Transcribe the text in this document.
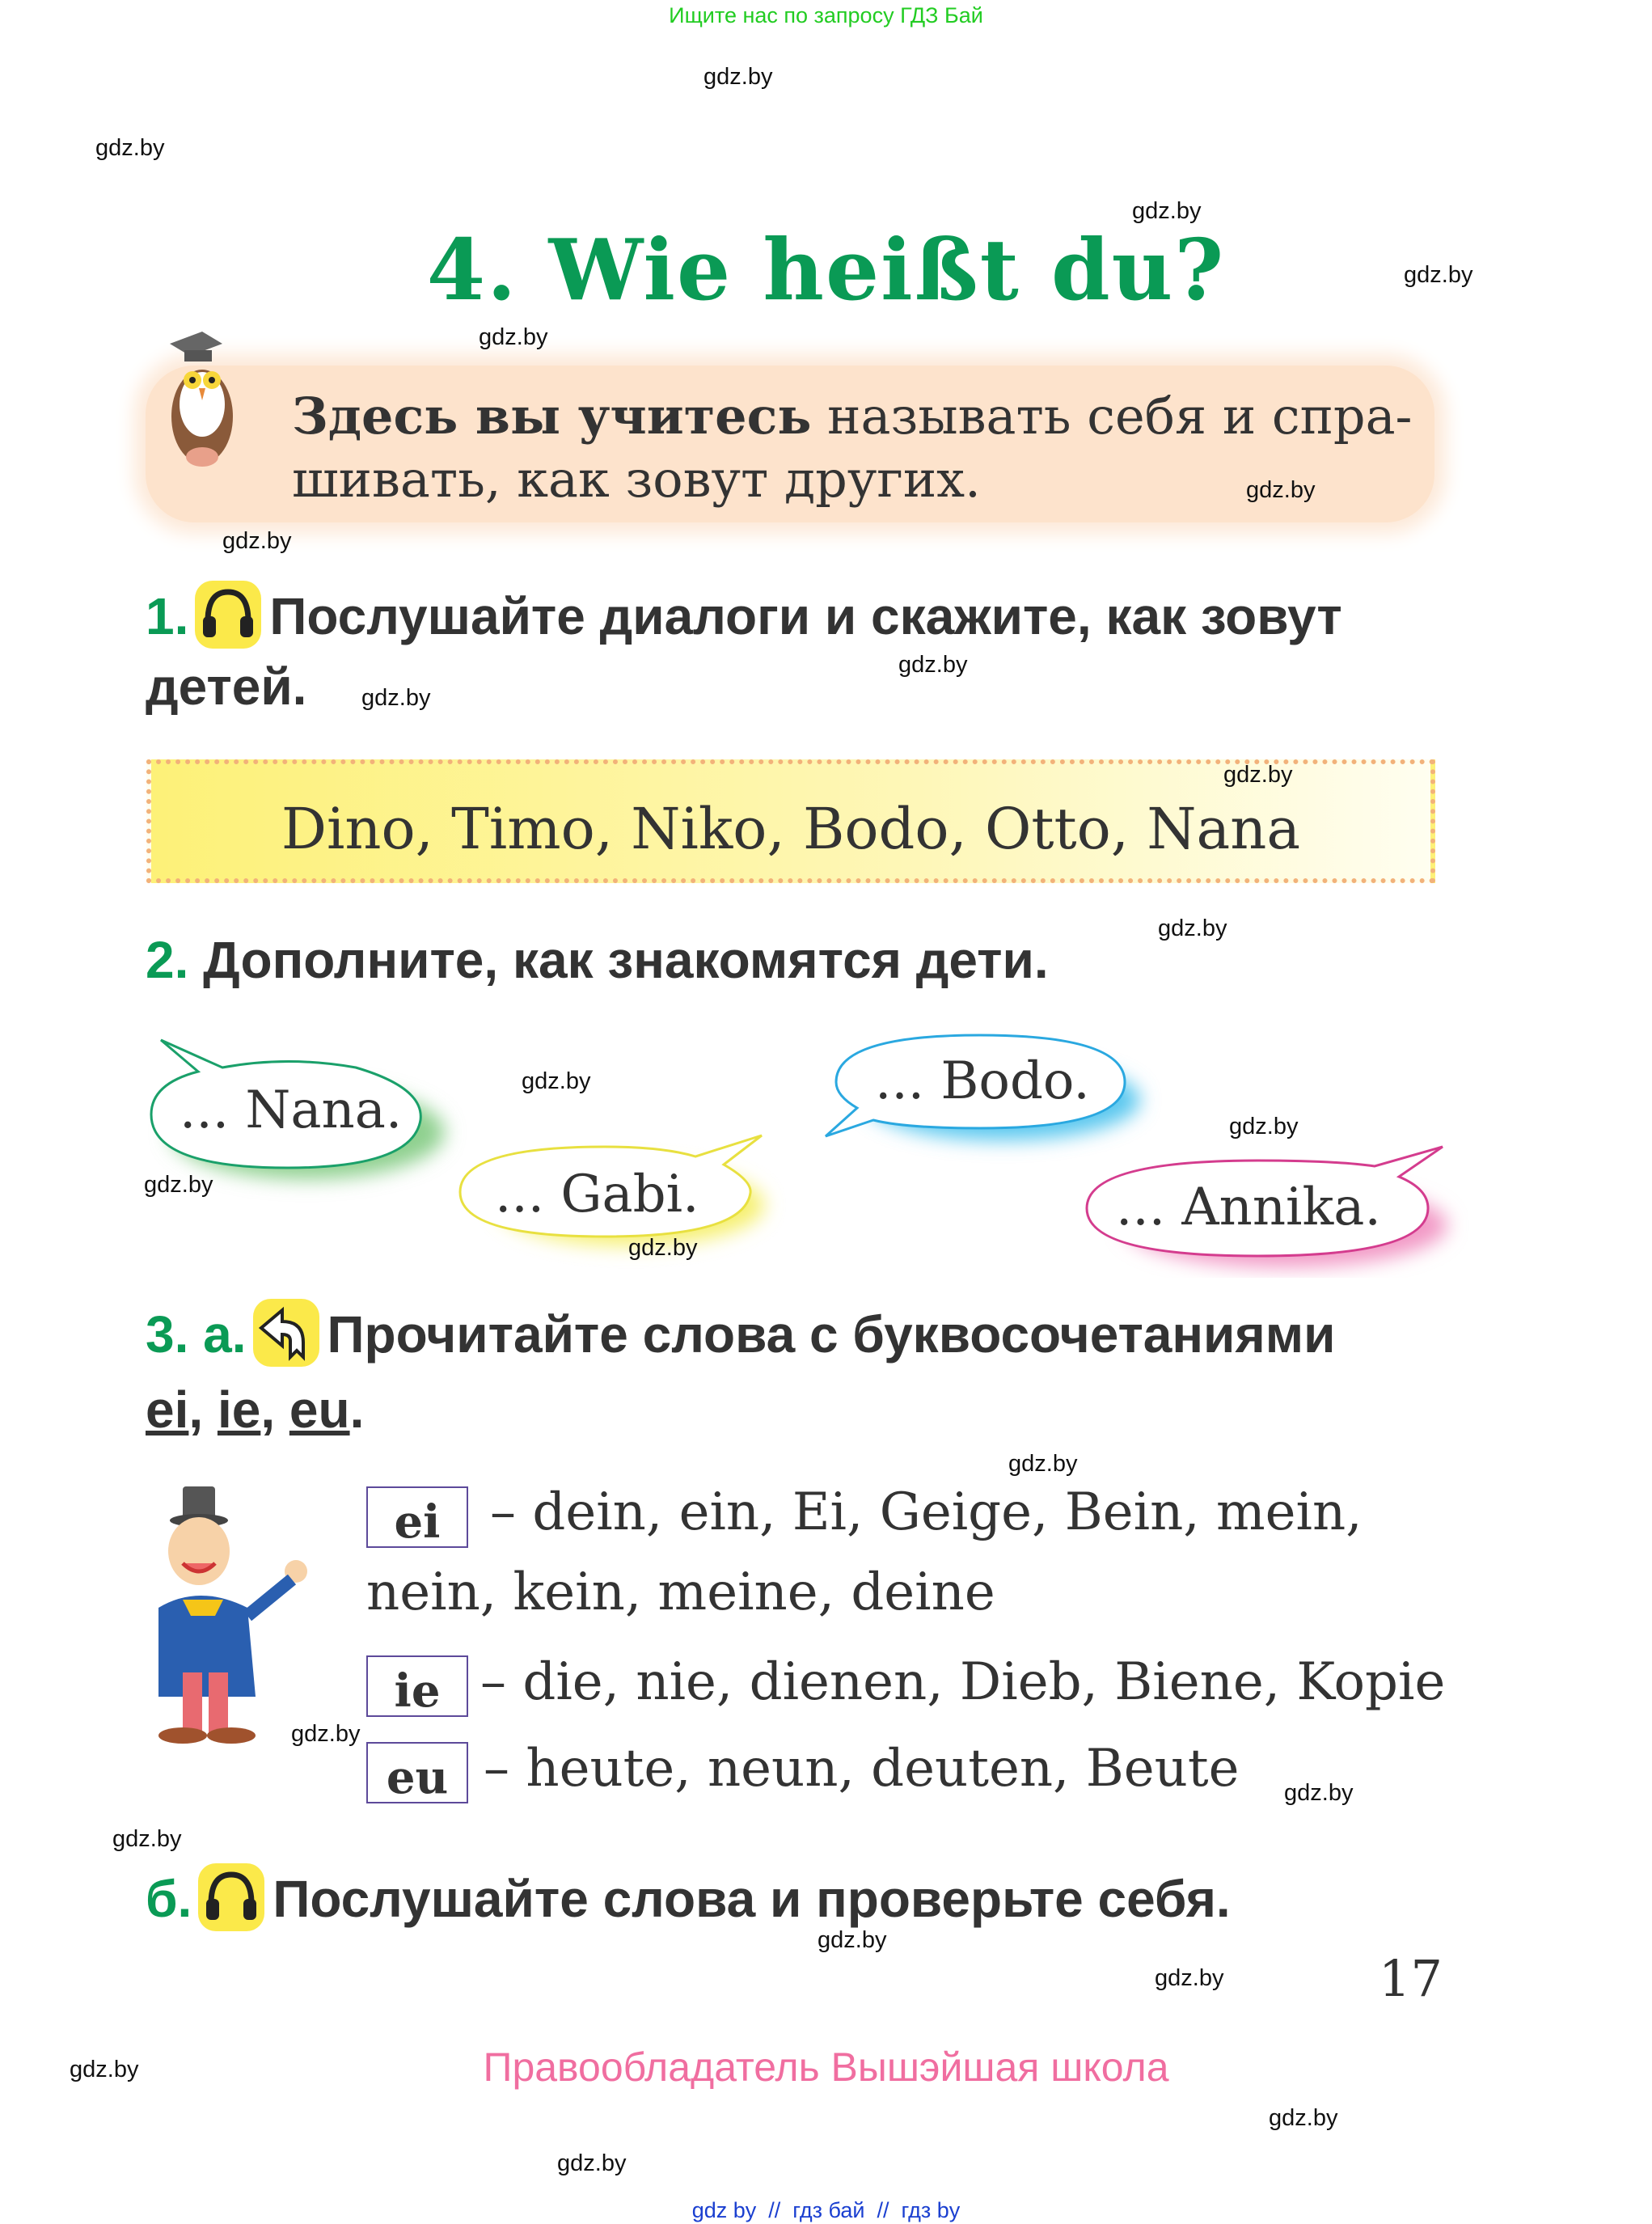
Ищите нас по запросу ГДЗ Бай
4. Wie heißt du?
Здесь вы учитесь называть себя и спра-
шивать, как зовут других.
1. Послушайте диалоги и скажите, как зовут
детей.
Dino, Timo, Niko, Bodo, Otto, Nana
2. Дополните, как знакомятся дети.
... Nana.
... Gabi.
... Bodo.
... Annika.
3. а. Прочитайте слова с буквосочетаниями
ei, ie, eu.
ei – dein, ein, Ei, Geige, Bein, mein,
nein, kein, meine, deine
ie – die, nie, dienen, Dieb, Biene, Kopie
eu – heute, neun, deuten, Beute
б. Послушайте слова и проверьте себя.
17
Правообладатель Вышэйшая школа
gdz by  //  гдз бай  //  гдз by
gdz.by
gdz.by
gdz.by
gdz.by
gdz.by
gdz.by
gdz.by
gdz.by
gdz.by
gdz.by
gdz.by
gdz.by
gdz.by
gdz.by
gdz.by
gdz.by
gdz.by
gdz.by
gdz.by
gdz.by
gdz.by
gdz.by
gdz.by
gdz.by
